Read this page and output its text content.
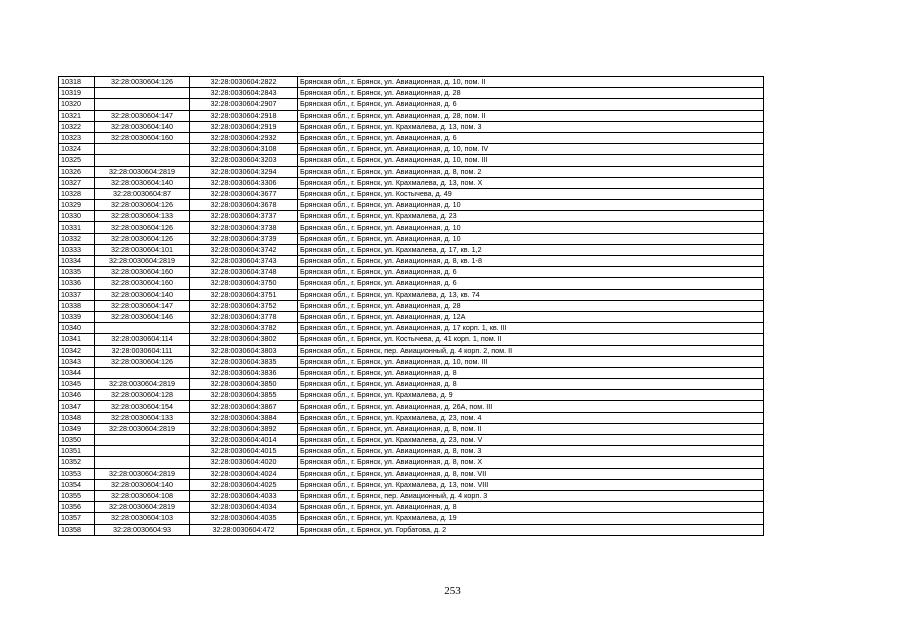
10318	32:28:0030604:126	32:28:0030604:2822	Брянская обл., г. Брянск, ул. Авиационная, д. 10, пом. II
10319		32:28:0030604:2843	Брянская обл., г. Брянск, ул. Авиационная, д. 28
10320		32:28:0030604:2907	Брянская обл., г. Брянск, ул. Авиационная, д. 6
10321	32:28:0030604:147	32:28:0030604:2918	Брянская обл., г. Брянск, ул. Авиационная, д. 28, пом. II
10322	32:28:0030604:140	32:28:0030604:2919	Брянская обл., г. Брянск, ул. Крахмалева, д. 13, пом. 3
10323	32:28:0030604:160	32:28:0030604:2932	Брянская обл., г. Брянск, ул. Авиационная, д. 6
10324		32:28:0030604:3108	Брянская обл., г. Брянск, ул. Авиационная, д. 10, пом. IV
10325		32:28:0030604:3203	Брянская обл., г. Брянск, ул. Авиационная, д. 10, пом. III
10326	32:28:0030604:2819	32:28:0030604:3294	Брянская обл., г. Брянск, ул. Авиационная, д. 8, пом. 2
10327	32:28:0030604:140	32:28:0030604:3306	Брянская обл., г. Брянск, ул. Крахмалева, д. 13, пом. X
10328	32:28:0030604:87	32:28:0030604:3677	Брянская обл., г. Брянск, ул. Костычева, д. 49
10329	32:28:0030604:126	32:28:0030604:3678	Брянская обл., г. Брянск, ул. Авиационная, д. 10
10330	32:28:0030604:133	32:28:0030604:3737	Брянская обл., г. Брянск, ул. Крахмалева, д. 23
10331	32:28:0030604:126	32:28:0030604:3738	Брянская обл., г. Брянск, ул. Авиационная, д. 10
10332	32:28:0030604:126	32:28:0030604:3739	Брянская обл., г. Брянск, ул. Авиационная, д. 10
10333	32:28:0030604:101	32:28:0030604:3742	Брянская обл., г. Брянск, ул. Крахмалева, д. 17, кв. 1,2
10334	32:28:0030604:2819	32:28:0030604:3743	Брянская обл., г. Брянск, ул. Авиационная, д. 8, кв. 1-8
10335	32:28:0030604:160	32:28:0030604:3748	Брянская обл., г. Брянск, ул. Авиационная, д. 6
10336	32:28:0030604:160	32:28:0030604:3750	Брянская обл., г. Брянск, ул. Авиационная, д. 6
10337	32:28:0030604:140	32:28:0030604:3751	Брянская обл., г. Брянск, ул. Крахмалева, д. 13, кв. 74
10338	32:28:0030604:147	32:28:0030604:3752	Брянская обл., г. Брянск, ул. Авиационная, д. 28
10339	32:28:0030604:146	32:28:0030604:3778	Брянская обл., г. Брянск, ул. Авиационная, д. 12А
10340		32:28:0030604:3782	Брянская обл., г. Брянск, ул. Авиационная, д. 17 корп. 1, кв. III
10341	32:28:0030604:114	32:28:0030604:3802	Брянская обл., г. Брянск, ул. Костычева, д. 41 корп. 1, пом. II
10342	32:28:0030604:111	32:28:0030604:3803	Брянская обл., г. Брянск, пер. Авиационный, д. 4 корп. 2, пом. II
10343	32:28:0030604:126	32:28:0030604:3835	Брянская обл., г. Брянск, ул. Авиационная, д. 10, пом. III
10344		32:28:0030604:3836	Брянская обл., г. Брянск, ул. Авиационная, д. 8
10345	32:28:0030604:2819	32:28:0030604:3850	Брянская обл., г. Брянск, ул. Авиационная, д. 8
10346	32:28:0030604:128	32:28:0030604:3855	Брянская обл., г. Брянск, ул. Крахмалева, д. 9
10347	32:28:0030604:154	32:28:0030604:3867	Брянская обл., г. Брянск, ул. Авиационная, д. 26А, пом. III
10348	32:28:0030604:133	32:28:0030604:3884	Брянская обл., г. Брянск, ул. Крахмалева, д. 23, пом. 4
10349	32:28:0030604:2819	32:28:0030604:3892	Брянская обл., г. Брянск, ул. Авиационная, д. 8, пом. II
10350		32:28:0030604:4014	Брянская обл., г. Брянск, ул. Крахмалева, д. 23, пом. V
10351		32:28:0030604:4015	Брянская обл., г. Брянск, ул. Авиационная, д. 8, пом. 3
10352		32:28:0030604:4020	Брянская обл., г. Брянск, ул. Авиационная, д. 8, пом. X
10353	32:28:0030604:2819	32:28:0030604:4024	Брянская обл., г. Брянск, ул. Авиационная, д. 8, пом. VII
10354	32:28:0030604:140	32:28:0030604:4025	Брянская обл., г. Брянск, ул. Крахмалева, д. 13, пом. VIII
10355	32:28:0030604:108	32:28:0030604:4033	Брянская обл., г. Брянск, пер. Авиационный, д. 4 корп. 3
10356	32:28:0030604:2819	32:28:0030604:4034	Брянская обл., г. Брянск, ул. Авиационная, д. 8
10357	32:28:0030604:103	32:28:0030604:4035	Брянская обл., г. Брянск, ул. Крахмалева, д. 19
10358	32:28:0030604:93	32:28:0030604:472	Брянская обл., г. Брянск, ул. Горбатова, д. 2
253
